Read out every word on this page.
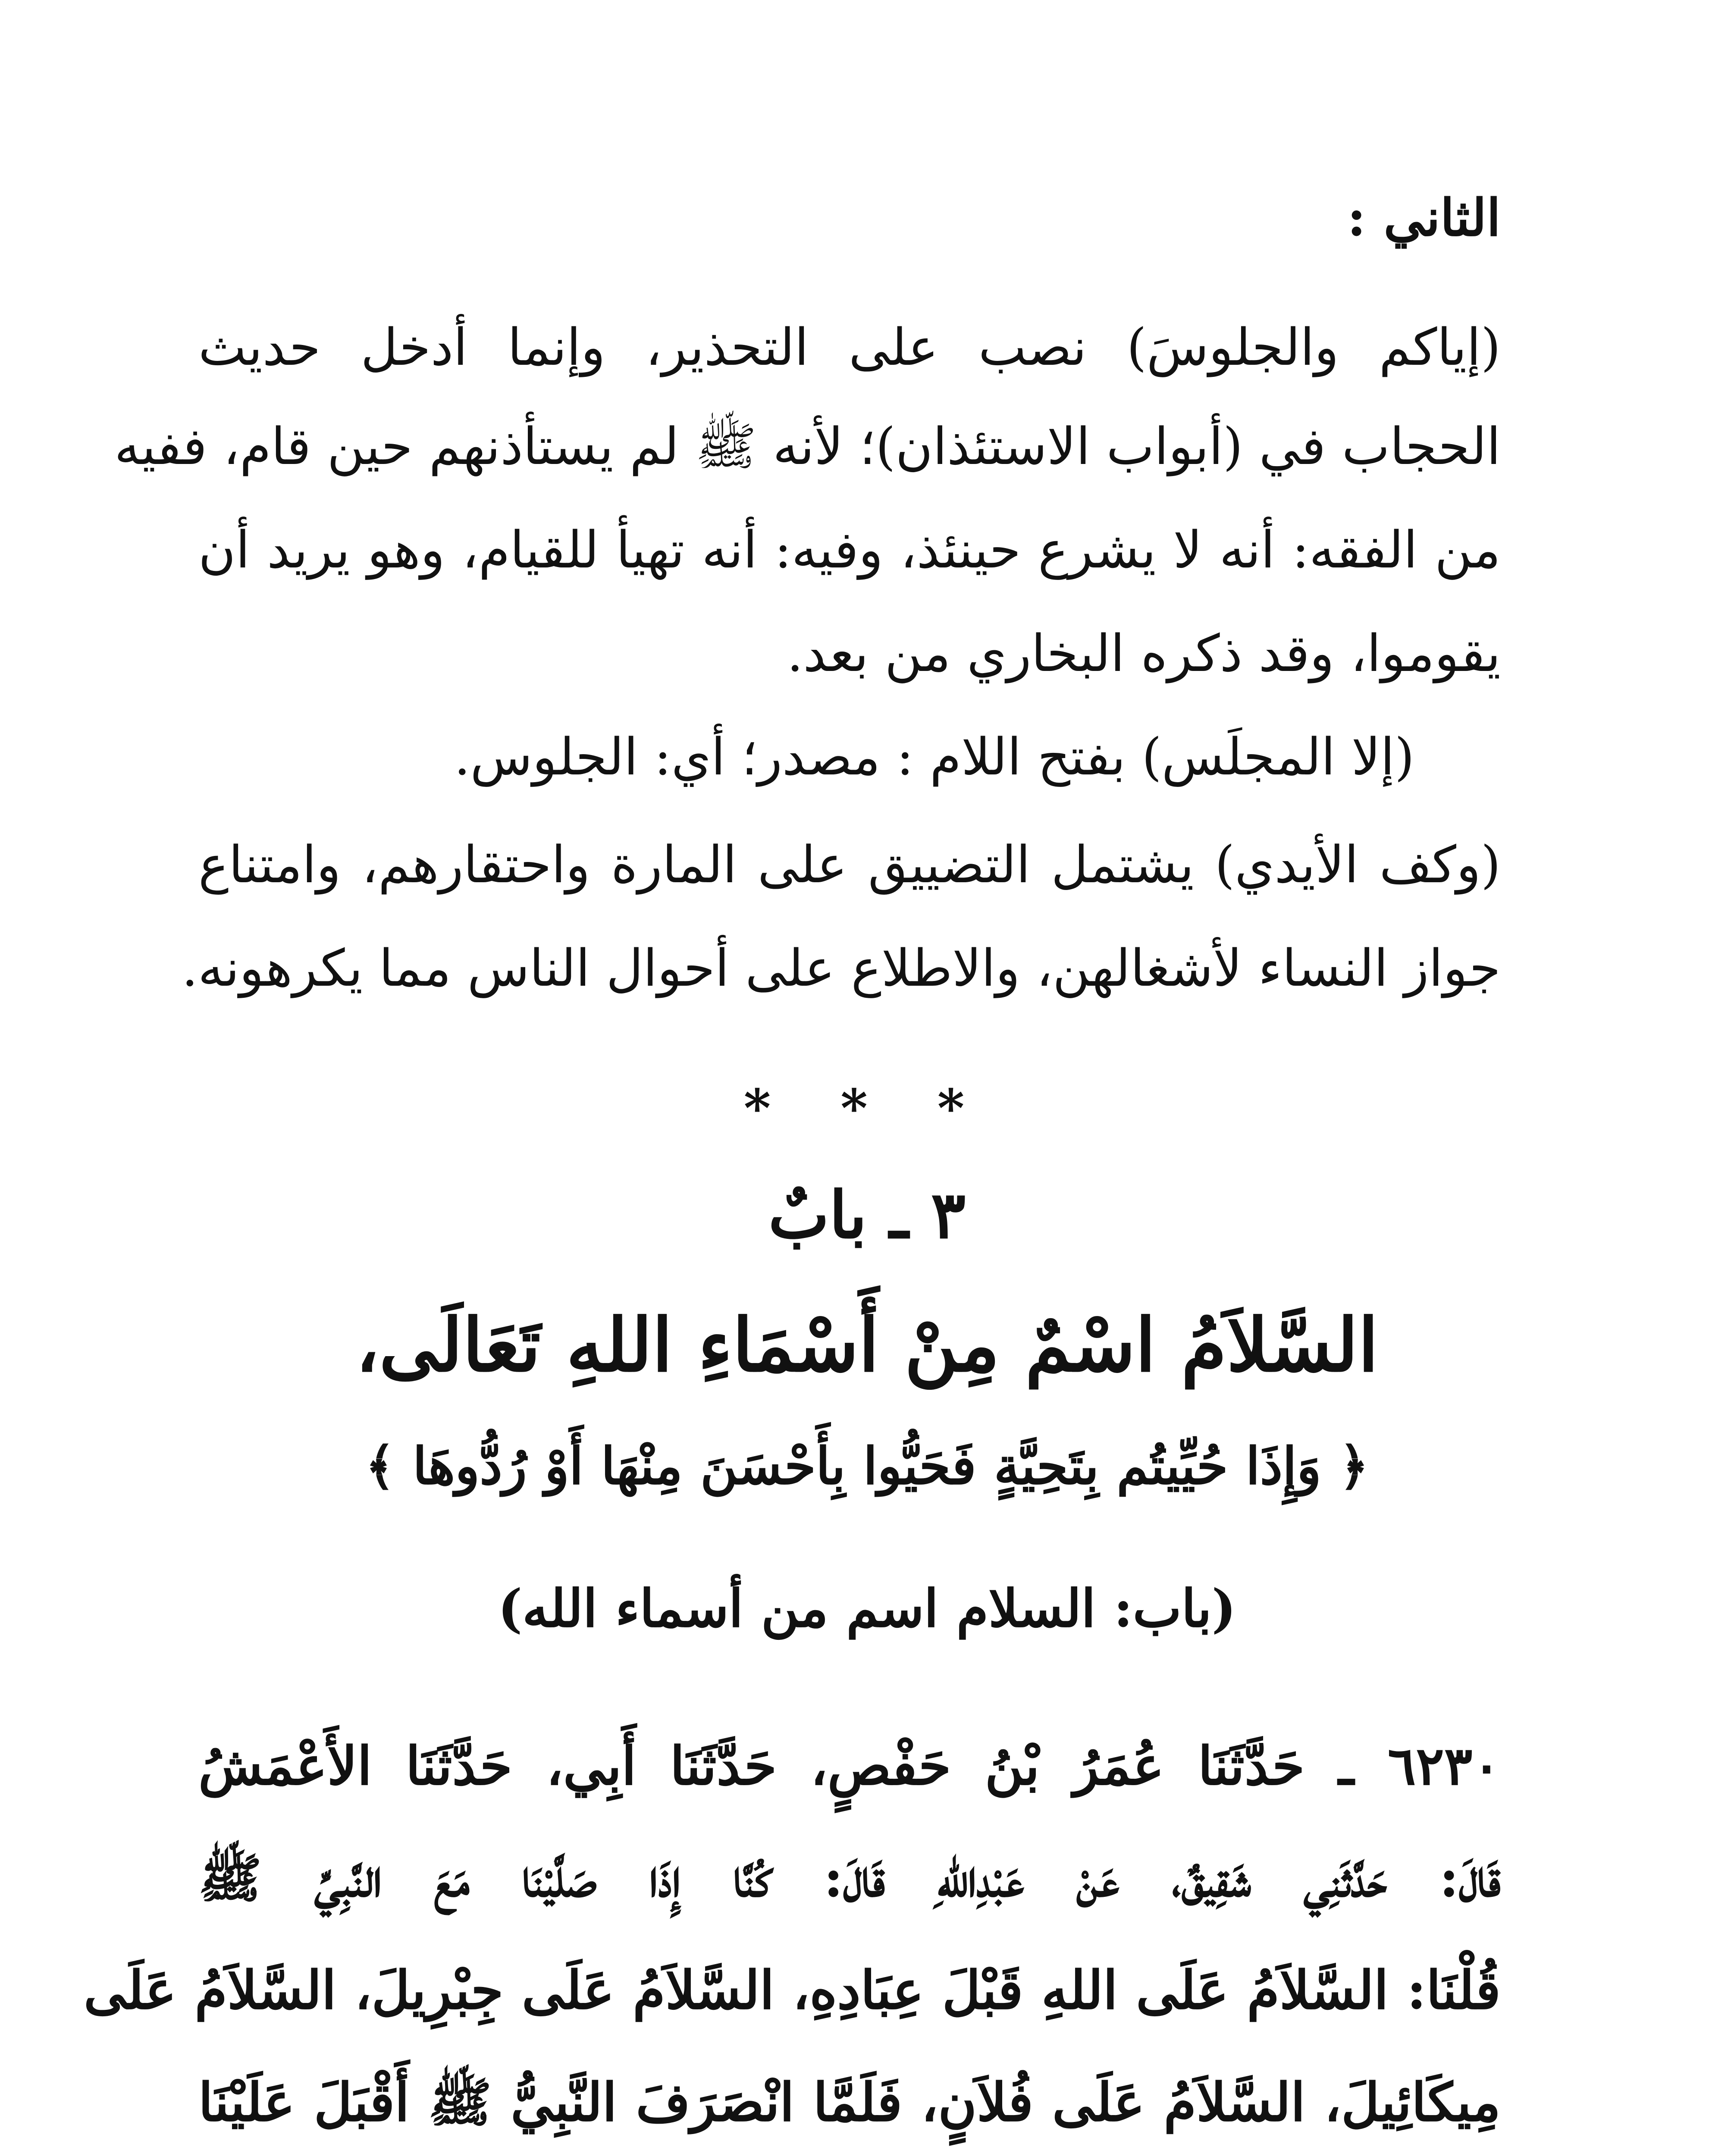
الثاني :
(إياكم والجلوسَ) نصب على التحذير، وإنما أدخل حديث
الحجاب في (أبواب الاستئذان)؛ لأنه ﷺ لم يستأذنهم حين قام، ففيه
من الفقه: أنه لا يشرع حينئذ، وفيه: أنه تهيأ للقيام، وهو يريد أن
يقوموا، وقد ذكره البخاري من بعد.
(إلا المجلَس) بفتح اللام : مصدر؛ أي: الجلوس.
(وكف الأيدي) يشتمل التضييق على المارة واحتقارهم، وامتناع
جواز النساء لأشغالهن، والاطلاع على أحوال الناس مما يكرهونه.
* * *
٣ ـ بابٌ
السَّلاَمُ اسْمٌ مِنْ أَسْمَاءِ اللهِ تَعَالَى،
﴿ وَإِذَا حُيِّيتُم بِتَحِيَّةٍ فَحَيُّوا بِأَحْسَنَ مِنْهَا أَوْ رُدُّوهَا ﴾
(باب: السلام اسم من أسماء الله)
٦٢٣٠ ـ حَدَّثَنَا عُمَرُ بْنُ حَفْصٍ، حَدَّثَنَا أَبِي، حَدَّثَنَا الأَعْمَشُ
قَالَ: حَدَّثَنِي شَقِيقٌ، عَنْ عَبْدِاللهِ قَالَ: كُنَّا إِذَا صَلَّيْنَا مَعَ النَّبِيِّ ﷺ
قُلْنَا: السَّلاَمُ عَلَى اللهِ قَبْلَ عِبَادِهِ، السَّلاَمُ عَلَى جِبْرِيلَ، السَّلاَمُ عَلَى
مِيكَائِيلَ، السَّلاَمُ عَلَى فُلاَنٍ، فَلَمَّا انْصَرَفَ النَّبِيُّ ﷺ أَقْبَلَ عَلَيْنَا
